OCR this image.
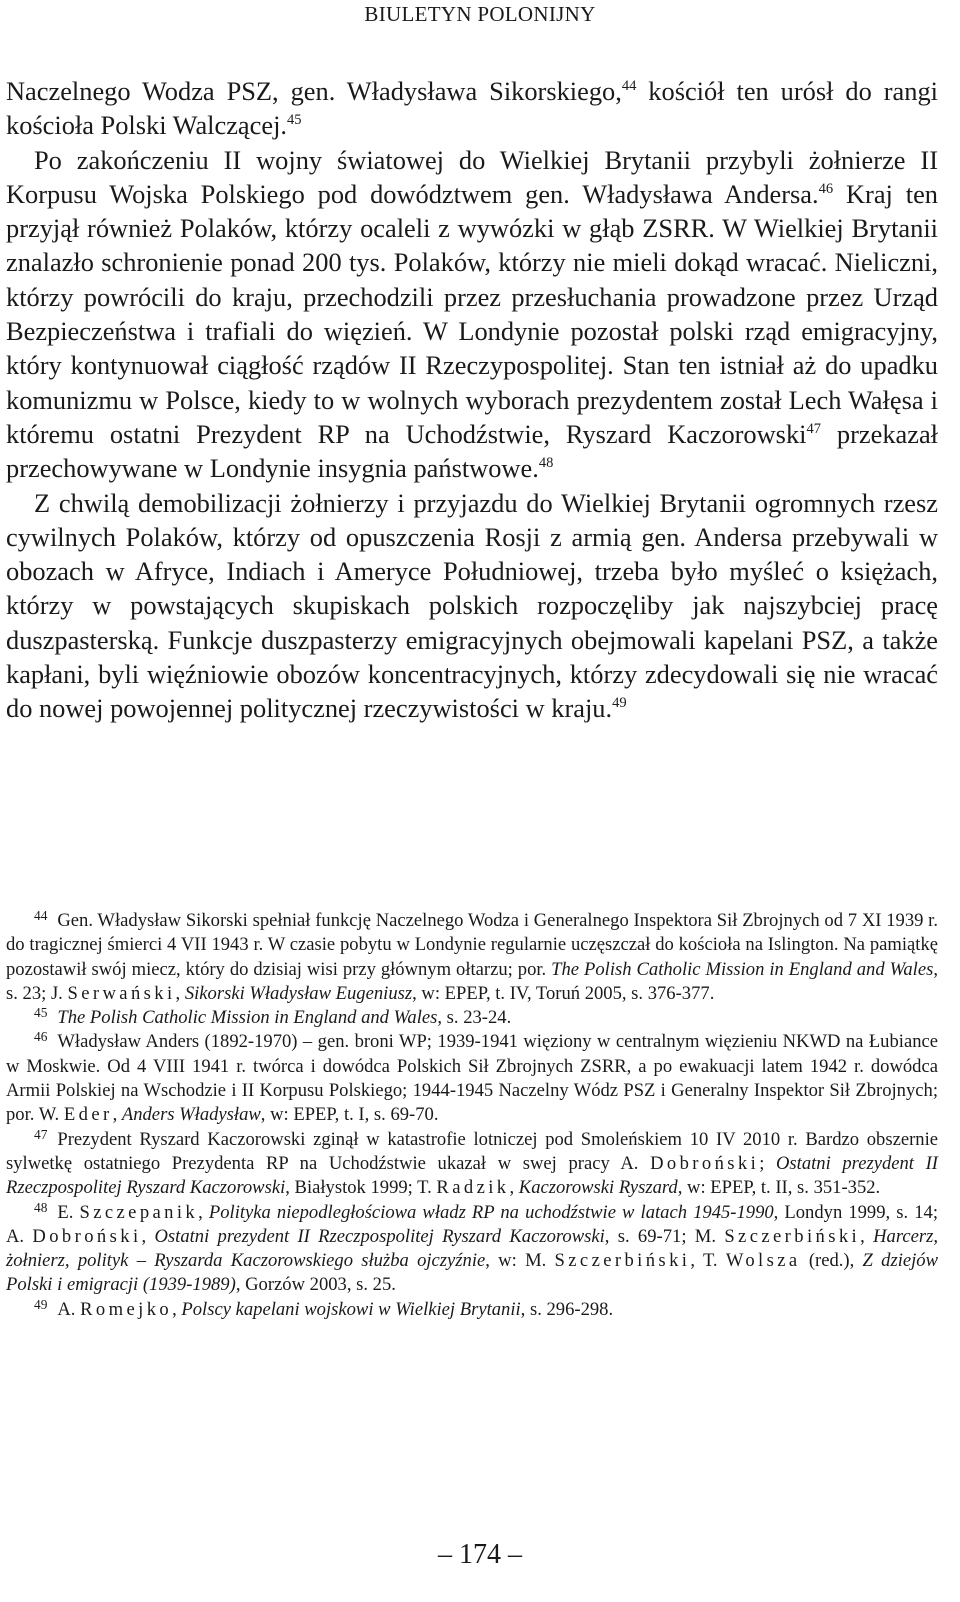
BIULETYN POLONIJNY

Naczelnego Wodza PSZ, gen. Władysława Sikorskiego,$^{44}$ kościół ten urósł do rangi kościoła Polski Walczącej.$^{45}$

Po zakończeniu II wojny światowej do Wielkiej Brytanii przybyli żołnierze II Korpusu Wojska Polskiego pod dowództwem gen. Władysława Andersa.$^{46}$ Kraj ten przyjął również Polaków, którzy ocaleli z wywózki w głąb ZSRR. W Wielkiej Brytanii znalazło schronienie ponad 200 tys. Polaków, którzy nie mieli dokąd wracać. Nieliczni, którzy powrócili do kraju, przechodzili przez przesłuchania prowadzone przez Urząd Bezpieczeństwa i trafiali do więzień. W Londynie pozostał polski rząd emigracyjny, który kontynuował ciągłość rządów II Rzeczypospolitej. Stan ten istniał aż do upadku komunizmu w Polsce, kiedy to w wolnych wyborach prezydentem został Lech Wałęsa i któremu ostatni Prezydent RP na Uchodźstwie, Ryszard Kaczorowski$^{47}$ przekazał przechowywane w Londynie insygnia państwowe.$^{48}$

Z chwilą demobilizacji żołnierzy i przyjazdu do Wielkiej Brytanii ogromnych rzesz cywilnych Polaków, którzy od opuszczenia Rosji z armią gen. Andersa przebywali w obozach w Afryce, Indiach i Ameryce Południowej, trzeba było myśleć o księżach, którzy w powstających skupiskach polskich rozpoczęliby jak najszybciej pracę duszpasterską. Funkcje duszpasterzy emigracyjnych obejmowali kapelani PSZ, a także kapłani, byli więźniowie obozów koncentracyjnych, którzy zdecydowali się nie wracać do nowej powojennej politycznej rzeczywistości w kraju.$^{49}$

$^{44}$ Gen. Władysław Sikorski spełniał funkcję Naczelnego Wodza i Generalnego Inspektora Sił Zbrojnych od 7 XI 1939 r. do tragicznej śmierci 4 VII 1943 r. W czasie pobytu w Londynie regularnie uczęszczał do kościoła na Islington. Na pamiątkę pozostawił swój miecz, który do dzisiaj wisi przy głównym ołtarzu; por. The Polish Catholic Mission in England and Wales, s. 23; J. Serwański, Sikorski Władysław Eugeniusz, w: EPEP, t. IV, Toruń 2005, s. 376-377.

$^{45}$ The Polish Catholic Mission in England and Wales, s. 23-24.

$^{46}$ Władysław Anders (1892-1970) – gen. broni WP; 1939-1941 więziony w centralnym więzieniu NKWD na Łubiance w Moskwie. Od 4 VIII 1941 r. twórca i dowódca Polskich Sił Zbrojnych ZSRR, a po ewakuacji latem 1942 r. dowódca Armii Polskiej na Wschodzie i II Korpusu Polskiego; 1944-1945 Naczelny Wódz PSZ i Generalny Inspektor Sił Zbrojnych; por. W. Eder, Anders Władysław, w: EPEP, t. I, s. 69-70.

$^{47}$ Prezydent Ryszard Kaczorowski zginął w katastrofie lotniczej pod Smoleńskiem 10 IV 2010 r. Bardzo obszernie sylwetkę ostatniego Prezydenta RP na Uchodźstwie ukazał w swej pracy A. Dobroński; Ostatni prezydent II Rzeczpospolitej Ryszard Kaczorowski, Białystok 1999; T. Radzik, Kaczorowski Ryszard, w: EPEP, t. II, s. 351-352.

$^{48}$ E. Szczepanik, Polityka niepodległościowa władz RP na uchodźstwie w latach 1945-1990, Londyn 1999, s. 14; A. Dobroński, Ostatni prezydent II Rzeczpospolitej Ryszard Kaczorowski, s. 69-71; M. Szczerbiński, Harcerz, żołnierz, polityk – Ryszarda Kaczorowskiego służba ojczyźnie, w: M. Szczerbiński, T. Wolsza (red.), Z dziejów Polski i emigracji (1939-1989), Gorzów 2003, s. 25.

$^{49}$ A. Romejko, Polscy kapelani wojskowi w Wielkiej Brytanii, s. 296-298.

– 174 –
